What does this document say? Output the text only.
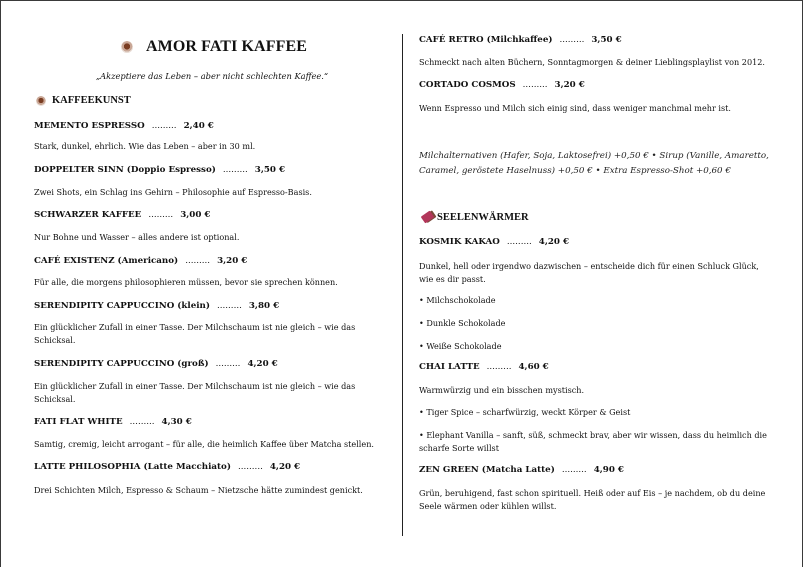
AMOR FATI KAFFEE
„Akzeptiere das Leben – aber nicht schlechten Kaffee.“
KAFFEEKUNST
MEMENTO ESPRESSO ......... 2,40 €
Stark, dunkel, ehrlich. Wie das Leben – aber in 30 ml.
DOPPELTER SINN (Doppio Espresso) ......... 3,50 €
Zwei Shots, ein Schlag ins Gehirn – Philosophie auf Espresso-Basis.
SCHWARZER KAFFEE ......... 3,00 €
Nur Bohne und Wasser – alles andere ist optional.
CAFÉ EXISTENZ (Americano) ......... 3,20 €
Für alle, die morgens philosophieren müssen, bevor sie sprechen können.
SERENDIPITY CAPPUCCINO (klein) ......... 3,80 €
Ein glücklicher Zufall in einer Tasse. Der Milchschaum ist nie gleich – wie das Schicksal.
SERENDIPITY CAPPUCCINO (groß) ......... 4,20 €
Ein glücklicher Zufall in einer Tasse. Der Milchschaum ist nie gleich – wie das Schicksal.
FATI FLAT WHITE ......... 4,30 €
Samtig, cremig, leicht arrogant – für alle, die heimlich Kaffee über Matcha stellen.
LATTE PHILOSOPHIA (Latte Macchiato) ......... 4,20 €
Drei Schichten Milch, Espresso & Schaum – Nietzsche hätte zumindest genickt.
CAFÉ RETRO (Milchkaffee) ......... 3,50 €
Schmeckt nach alten Büchern, Sonntagmorgen & deiner Lieblingsplaylist von 2012.
CORTADO COSMOS ......... 3,20 €
Wenn Espresso und Milch sich einig sind, dass weniger manchmal mehr ist.
Milchalternativen (Hafer, Soja, Laktosefrei) +0,50 € • Sirup (Vanille, Amaretto, Caramel, geröstete Haselnuss) +0,50 € • Extra Espresso-Shot +0,60 €
SEELENWÄRMER
KOSMIK KAKAO ......... 4,20 €
Dunkel, hell oder irgendwo dazwischen – entscheide dich für einen Schluck Glück, wie es dir passt.
• Milchschokolade
• Dunkle Schokolade
• Weiße Schokolade
CHAI LATTE ......... 4,60 €
Warmwürzig und ein bisschen mystisch.
• Tiger Spice – scharfwürzig, weckt Körper & Geist
• Elephant Vanilla – sanft, süß, schmeckt brav, aber wir wissen, dass du heimlich die scharfe Sorte willst
ZEN GREEN (Matcha Latte) ......... 4,90 €
Grün, beruhigend, fast schon spirituell. Heiß oder auf Eis – je nachdem, ob du deine Seele wärmen oder kühlen willst.
